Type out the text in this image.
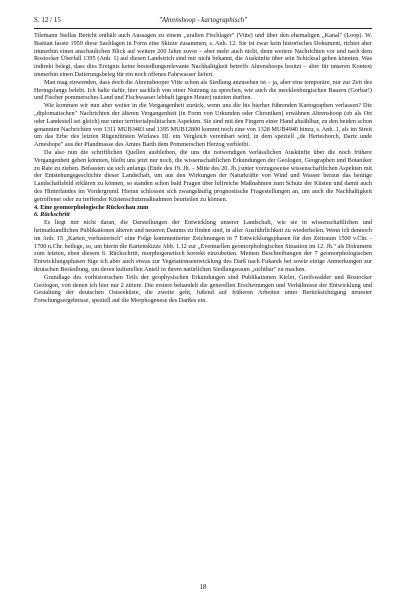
S. 12 / 15	"Ahrenshoop - kartographisch"

Tilemann Stellas Bericht enthält auch Aussagen zu einem „uralten Fischlager" (Vitte) und über den ehemaligen „Kanal" (Loop). W. Bastian fasste 1959 diese Sachlagen in Form eine Skizze zusammen, s. Anh. 12. Sie ist zwar kein historisches Dokument, richtet aber immerhin einen anschaulichen Blick auf weitere 200 Jahre zuvor – aber mehr auch nicht, denn weitere Nachrichten vor und nach dem Rostocker Überfall 1395 (Anh. 1) auf diesen Landstrich sind mir nicht bekannt, die Auskünfte über sein Schicksal geben könnten. Was indirekt belegt, dass dies Ereignis keine besiedlungsrelevante Nachhaltigkeit betreffs Ahrenshoops besitzt – aber für unseren Kontext immerhin einen Datierungsbeleg für ein noch offenes Fahrwasser liefert.

Man mag einwenden, dass doch die Ahrenshooper Vitte schon als Siedlung anzusehen ist – ja, aber eine temporäre, nur zur Zeit des Heringsfangs belebt. Ich halte dafür, hier sachlich von einer Nutzung zu sprechen, wie auch die mecklenburgischen Bauern (Gorbar!) und Fischer pommersches Land und Fischwasser lebhaft (gegen Heuer) nutzten durften.

Wie kommen wir nun aber weiter in die Vergangenheit zurück, wenn uns die bis hierher führenden Kartographen verlassen? Die „diplomatischen" Nachrichten der älteren Vergangenheit (in Form von Urkunden oder Chroniken) erwähnen Ahrenshoop (ob als Ort oder Landestell sei gleich) nur unter territorialpolitischen Aspekten. Sie sind mit den Fingern einer Hand abzählbar, zu den beiden schon genannten Nachrichten von 1311 MUB3483 und 1395 MUB12800 kommt noch eine von 1328 MUB4940 hinzu, s. Anh. 1, als im Streit um das Erbe des letzten Rügenfürsten Wizlaws III. ein Vergleich vereinbart wird, in dem speziell „de Hertesborch, Dartz unde Arneshope" aus der Pfandmasse des Amtes Barth dem Pommerschen Herzog verbleibt.

Da also nun die schriftlichen Quellen ausbleiben, die uns die notwendigen verlässlichen Auskünfte über die noch frühere Vergangenheit geben könnten, bleibt uns jetzt nur noch, die wissenschaftlichen Erkundungen der Geologen, Geographen und Botaniker zu Rate zu ziehen. Befassten sie sich anfangs (Ende des 19. Jh. – Mitte des 20. Jh.) unter vorzugsweise wissenschaftlichen Aspekten mit der Entstehungsgeschichte dieser Landschaft, um aus den Wirkungen der Naturkräfte von Wind und Wasser heraus das heutige Landschaftsbild erklären zu können, so standen schon bald Fragen über hilfreiche Maßnahmen zum Schutz der Küsten und damit auch des Hinterlandes im Vordergrund. Hieran schlossen sich zwangsläufig prognostische Fragestellungen an, um auch die Nachhaltigkeit getroffener oder zu treffender Küstenschutzmaßnahmen beurteilen zu können.

4. Eine geomorphologische Rückschau zum

6. Rückschritt

Es liegt mir nicht daran, die Darstellungen der Entwicklung unserer Landschaft, wie sie in wissenschaftlichen und heimatkundlichen Publikationen älteren und neueren Datums zu finden sind, in aller Ausführlichkeit zu wiederholen. Wenn ich dennoch im Anh. 15 „Karten_vorhistorisch" eine Folge kommentierter Zeichnungen in 7 Entwicklungsphasen für den Zeitraum 1500 v.Chr. - 1700 n.Chr. beilege, so, um hierin die Kartenskizze Abb. 1.12 zur „Eventuellen geomorphologischen Situation im 12. Jh." als Dokument zum letzten, eben diesem 6. Rückschritt, morphogenetisch korrekt einzubetten. Meinen Beschreibungen der 7 geomorphologischen Entwicklungsphasen füge ich aber auch etwas zur Vegetationsentwicklung des Darß nach Fukarek bei sowie einige Anmerkungen zur deutschen Besiedlung, um deren kulturellen Anteil in ihrem natürlichen Siedlungsraum „sichtbar" zu machen.

Grundlage des vorhistorischen Teils der geophysischen Erkundungen sind Publikationen Kieler, Greifswalder und Rostocker Geologen, von denen ich hier nur 2 zitiere. Die erstere behandelt die generellen Erscheinungen und Verhältnisse der Entwicklung und Gestaltung der deutschen Ostseeküste, die zweite geht, fußend auf früheren Arbeiten unter Berücksichtigung neuester Forschungsergebnisse, speziell auf die Morphogenese des Darßes ein.

18
